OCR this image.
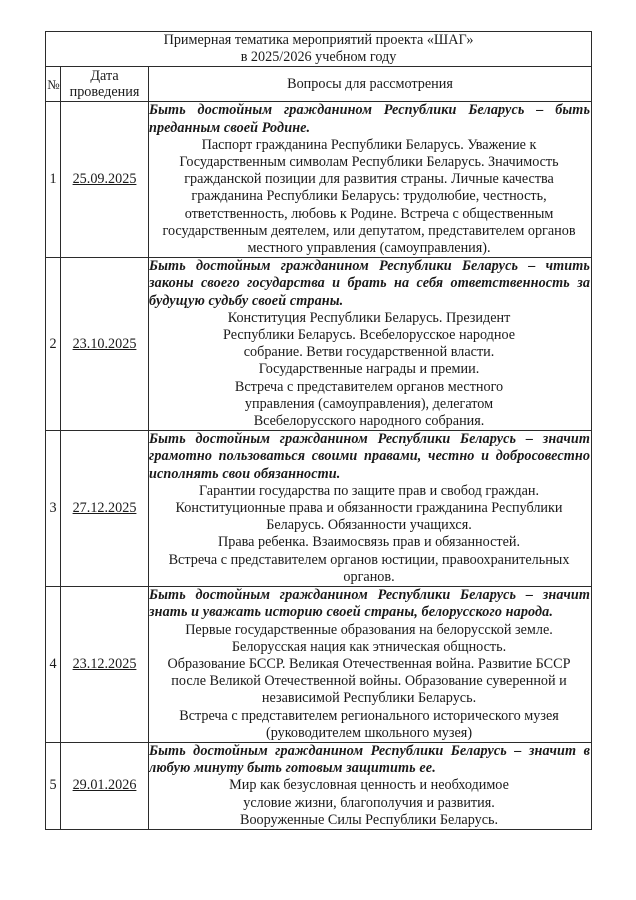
Примерная тематика мероприятий проекта «ШАГ»
в 2025/2026 учебном году		

№	Дата проведения	Вопросы для рассмотрения
1	25.09.2025	
Быть достойным гражданином Республики Беларусь – быть преданным своей Родине.
Паспорт гражданина Республики Беларусь. Уважение к
Государственным символам Республики Беларусь. Значимость
гражданской позиции для развития страны. Личные качества
гражданина Республики Беларусь: трудолюбие, честность,
ответственность, любовь к Родине. Встреча с общественным
государственным деятелем, или депутатом, представителем органов
местного управления (самоуправления).

2	23.10.2025	
Быть достойным гражданином Республики Беларусь – чтить законы своего государства и брать на себя ответственность за будущую судьбу своей страны.
Конституция Республики Беларусь. Президент
Республики Беларусь. Всебелорусское народное
собрание. Ветви государственной власти.
Государственные награды и премии.
Встреча с представителем органов местного
управления (самоуправления), делегатом
Всебелорусского народного собрания.

3	27.12.2025	
Быть достойным гражданином Республики Беларусь – значит грамотно пользоваться своими правами, честно и добросовестно исполнять свои обязанности.
Гарантии государства по защите прав и свобод граждан.
Конституционные права и обязанности гражданина Республики
Беларусь. Обязанности учащихся.
Права ребенка. Взаимосвязь прав и обязанностей.
Встреча с представителем органов юстиции, правоохранительных
органов.

4	23.12.2025	
Быть достойным гражданином Республики Беларусь – значит знать и уважать историю своей страны, белорусского народа.
Первые государственные образования на белорусской земле.
Белорусская нация как этническая общность.
Образование БССР. Великая Отечественная война. Развитие БССР
после Великой Отечественной войны. Образование суверенной и
независимой Республики Беларусь.
Встреча с представителем регионального исторического музея
(руководителем школьного музея)

5	29.01.2026	Быть достойным гражданином Республики Беларусь – значит в любую минуту быть готовым защитить ее.
Мир как безусловная ценность и необходимое
условие жизни, благополучия и развития.
Вооруженные Силы Республики Беларусь.
